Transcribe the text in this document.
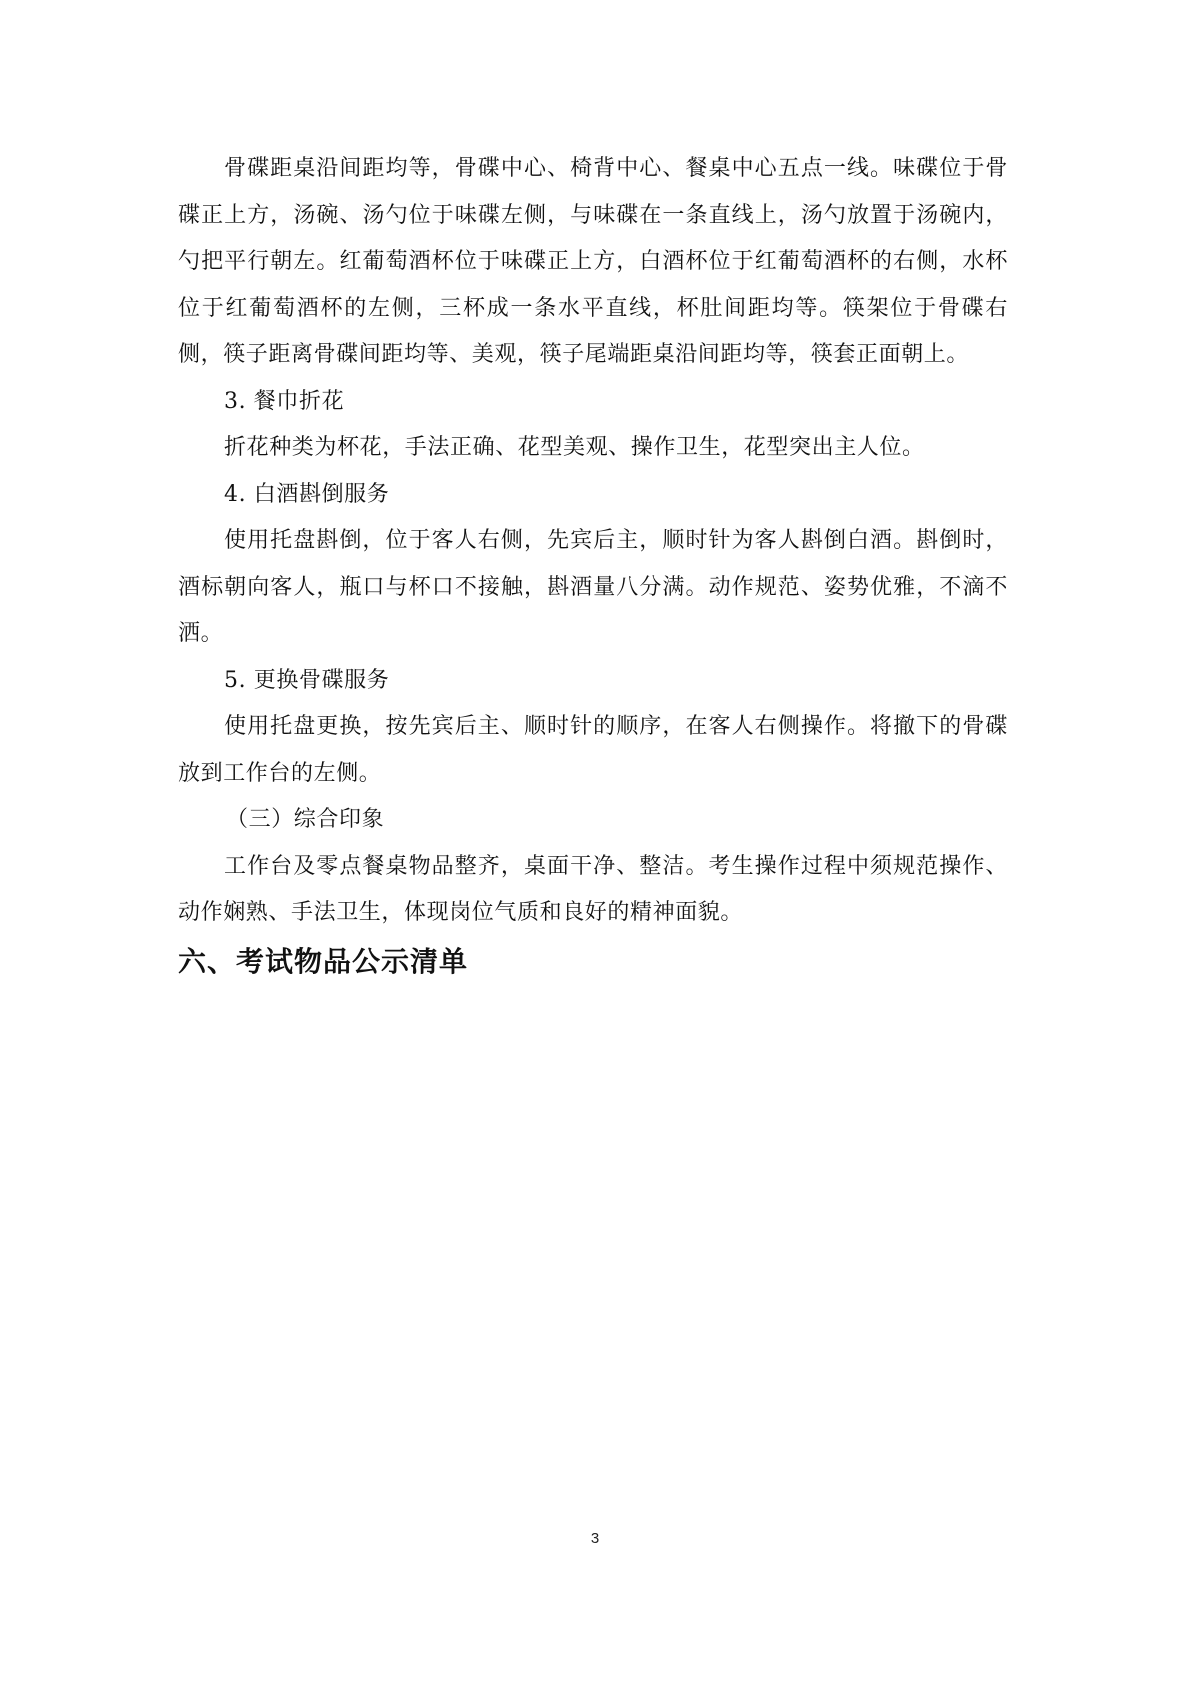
骨碟距桌沿间距均等，骨碟中心、椅背中心、餐桌中心五点一线。味碟位于骨碟正上方，汤碗、汤勺位于味碟左侧，与味碟在一条直线上，汤勺放置于汤碗内，勺把平行朝左。红葡萄酒杯位于味碟正上方，白酒杯位于红葡萄酒杯的右侧，水杯位于红葡萄酒杯的左侧，三杯成一条水平直线，杯肚间距均等。筷架位于骨碟右侧，筷子距离骨碟间距均等、美观，筷子尾端距桌沿间距均等，筷套正面朝上。

3. 餐巾折花

折花种类为杯花，手法正确、花型美观、操作卫生，花型突出主人位。

4. 白酒斟倒服务

使用托盘斟倒，位于客人右侧，先宾后主，顺时针为客人斟倒白酒。斟倒时，酒标朝向客人，瓶口与杯口不接触，斟酒量八分满。动作规范、姿势优雅，不滴不洒。

5. 更换骨碟服务

使用托盘更换，按先宾后主、顺时针的顺序，在客人右侧操作。将撤下的骨碟放到工作台的左侧。

（三）综合印象

工作台及零点餐桌物品整齐，桌面干净、整洁。考生操作过程中须规范操作、动作娴熟、手法卫生，体现岗位气质和良好的精神面貌。

六、考试物品公示清单
3
